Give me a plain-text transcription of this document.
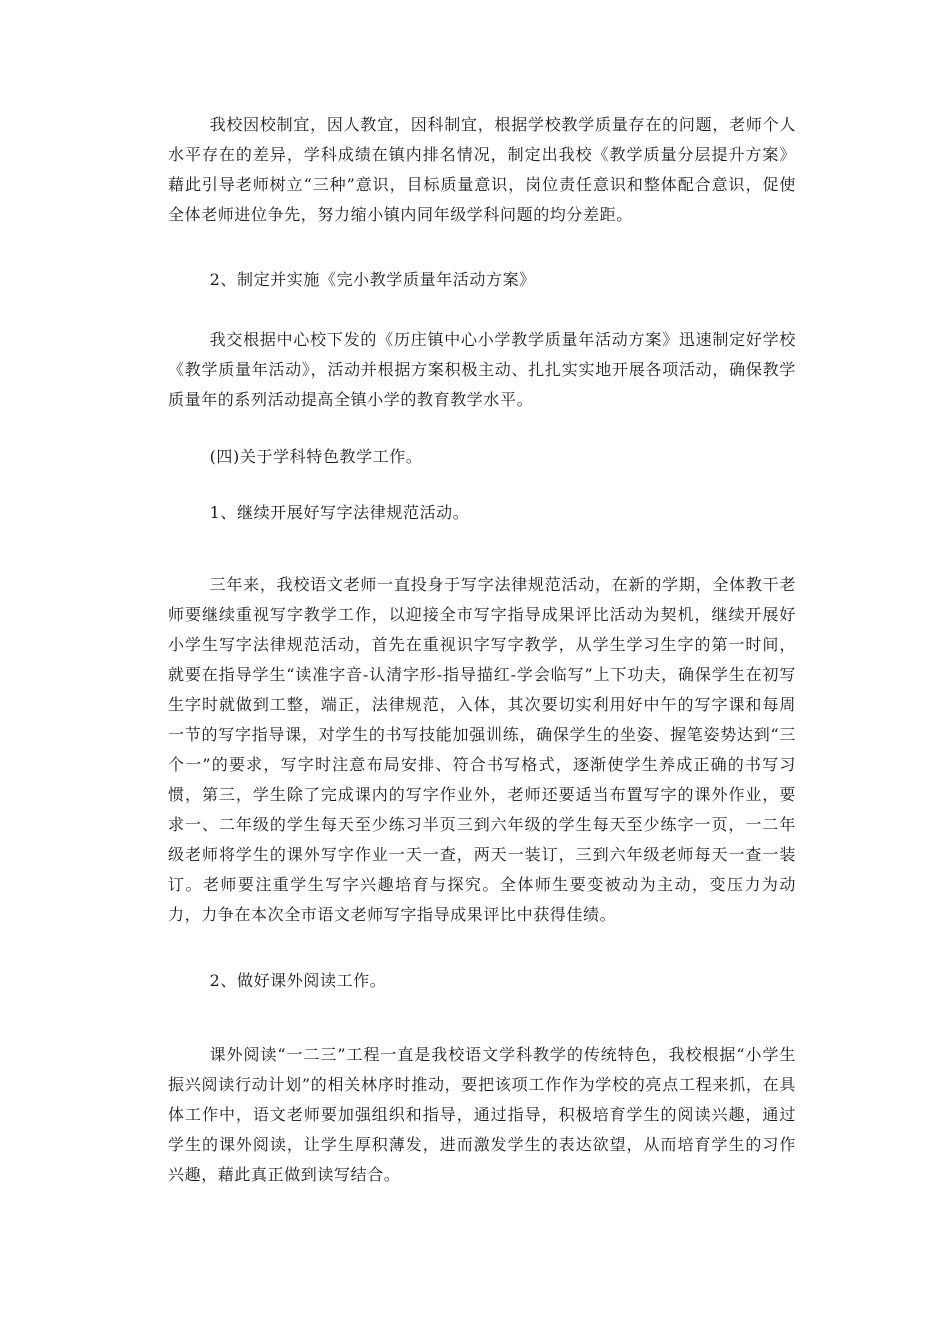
我校因校制宜，因人教宜，因科制宜，根据学校教学质量存在的问题，老师个人水平存在的差异，学科成绩在镇内排名情况，制定出我校《教学质量分层提升方案》藉此引导老师树立“三种”意识，目标质量意识，岗位责任意识和整体配合意识，促使全体老师进位争先，努力缩小镇内同年级学科问题的均分差距。

2、制定并实施《完小教学质量年活动方案》

我交根据中心校下发的《历庄镇中心小学教学质量年活动方案》迅速制定好学校《教学质量年活动》，活动并根据方案积极主动、扎扎实实地开展各项活动，确保教学质量年的系列活动提高全镇小学的教育教学水平。

(四)关于学科特色教学工作。

1、继续开展好写字法律规范活动。

三年来，我校语文老师一直投身于写字法律规范活动，在新的学期，全体教干老师要继续重视写字教学工作，以迎接全市写字指导成果评比活动为契机，继续开展好小学生写字法律规范活动，首先在重视识字写字教学，从学生学习生字的第一时间，就要在指导学生“读准字音-认清字形-指导描红-学会临写”上下功夫，确保学生在初写生字时就做到工整，端正，法律规范，入体，其次要切实利用好中午的写字课和每周一节的写字指导课，对学生的书写技能加强训练，确保学生的坐姿、握笔姿势达到“三个一”的要求，写字时注意布局安排、符合书写格式，逐渐使学生养成正确的书写习惯，第三，学生除了完成课内的写字作业外，老师还要适当布置写字的课外作业，要求一、二年级的学生每天至少练习半页三到六年级的学生每天至少练字一页，一二年级老师将学生的课外写字作业一天一查，两天一装订，三到六年级老师每天一查一装订。老师要注重学生写字兴趣培育与探究。全体师生要变被动为主动，变压力为动力，力争在本次全市语文老师写字指导成果评比中获得佳绩。

2、做好课外阅读工作。

课外阅读“一二三”工程一直是我校语文学科教学的传统特色，我校根据“小学生振兴阅读行动计划”的相关林序时推动，要把该项工作作为学校的亮点工程来抓，在具体工作中，语文老师要加强组织和指导，通过指导，积极培育学生的阅读兴趣，通过学生的课外阅读，让学生厚积薄发，进而激发学生的表达欲望，从而培育学生的习作兴趣，藉此真正做到读写结合。
